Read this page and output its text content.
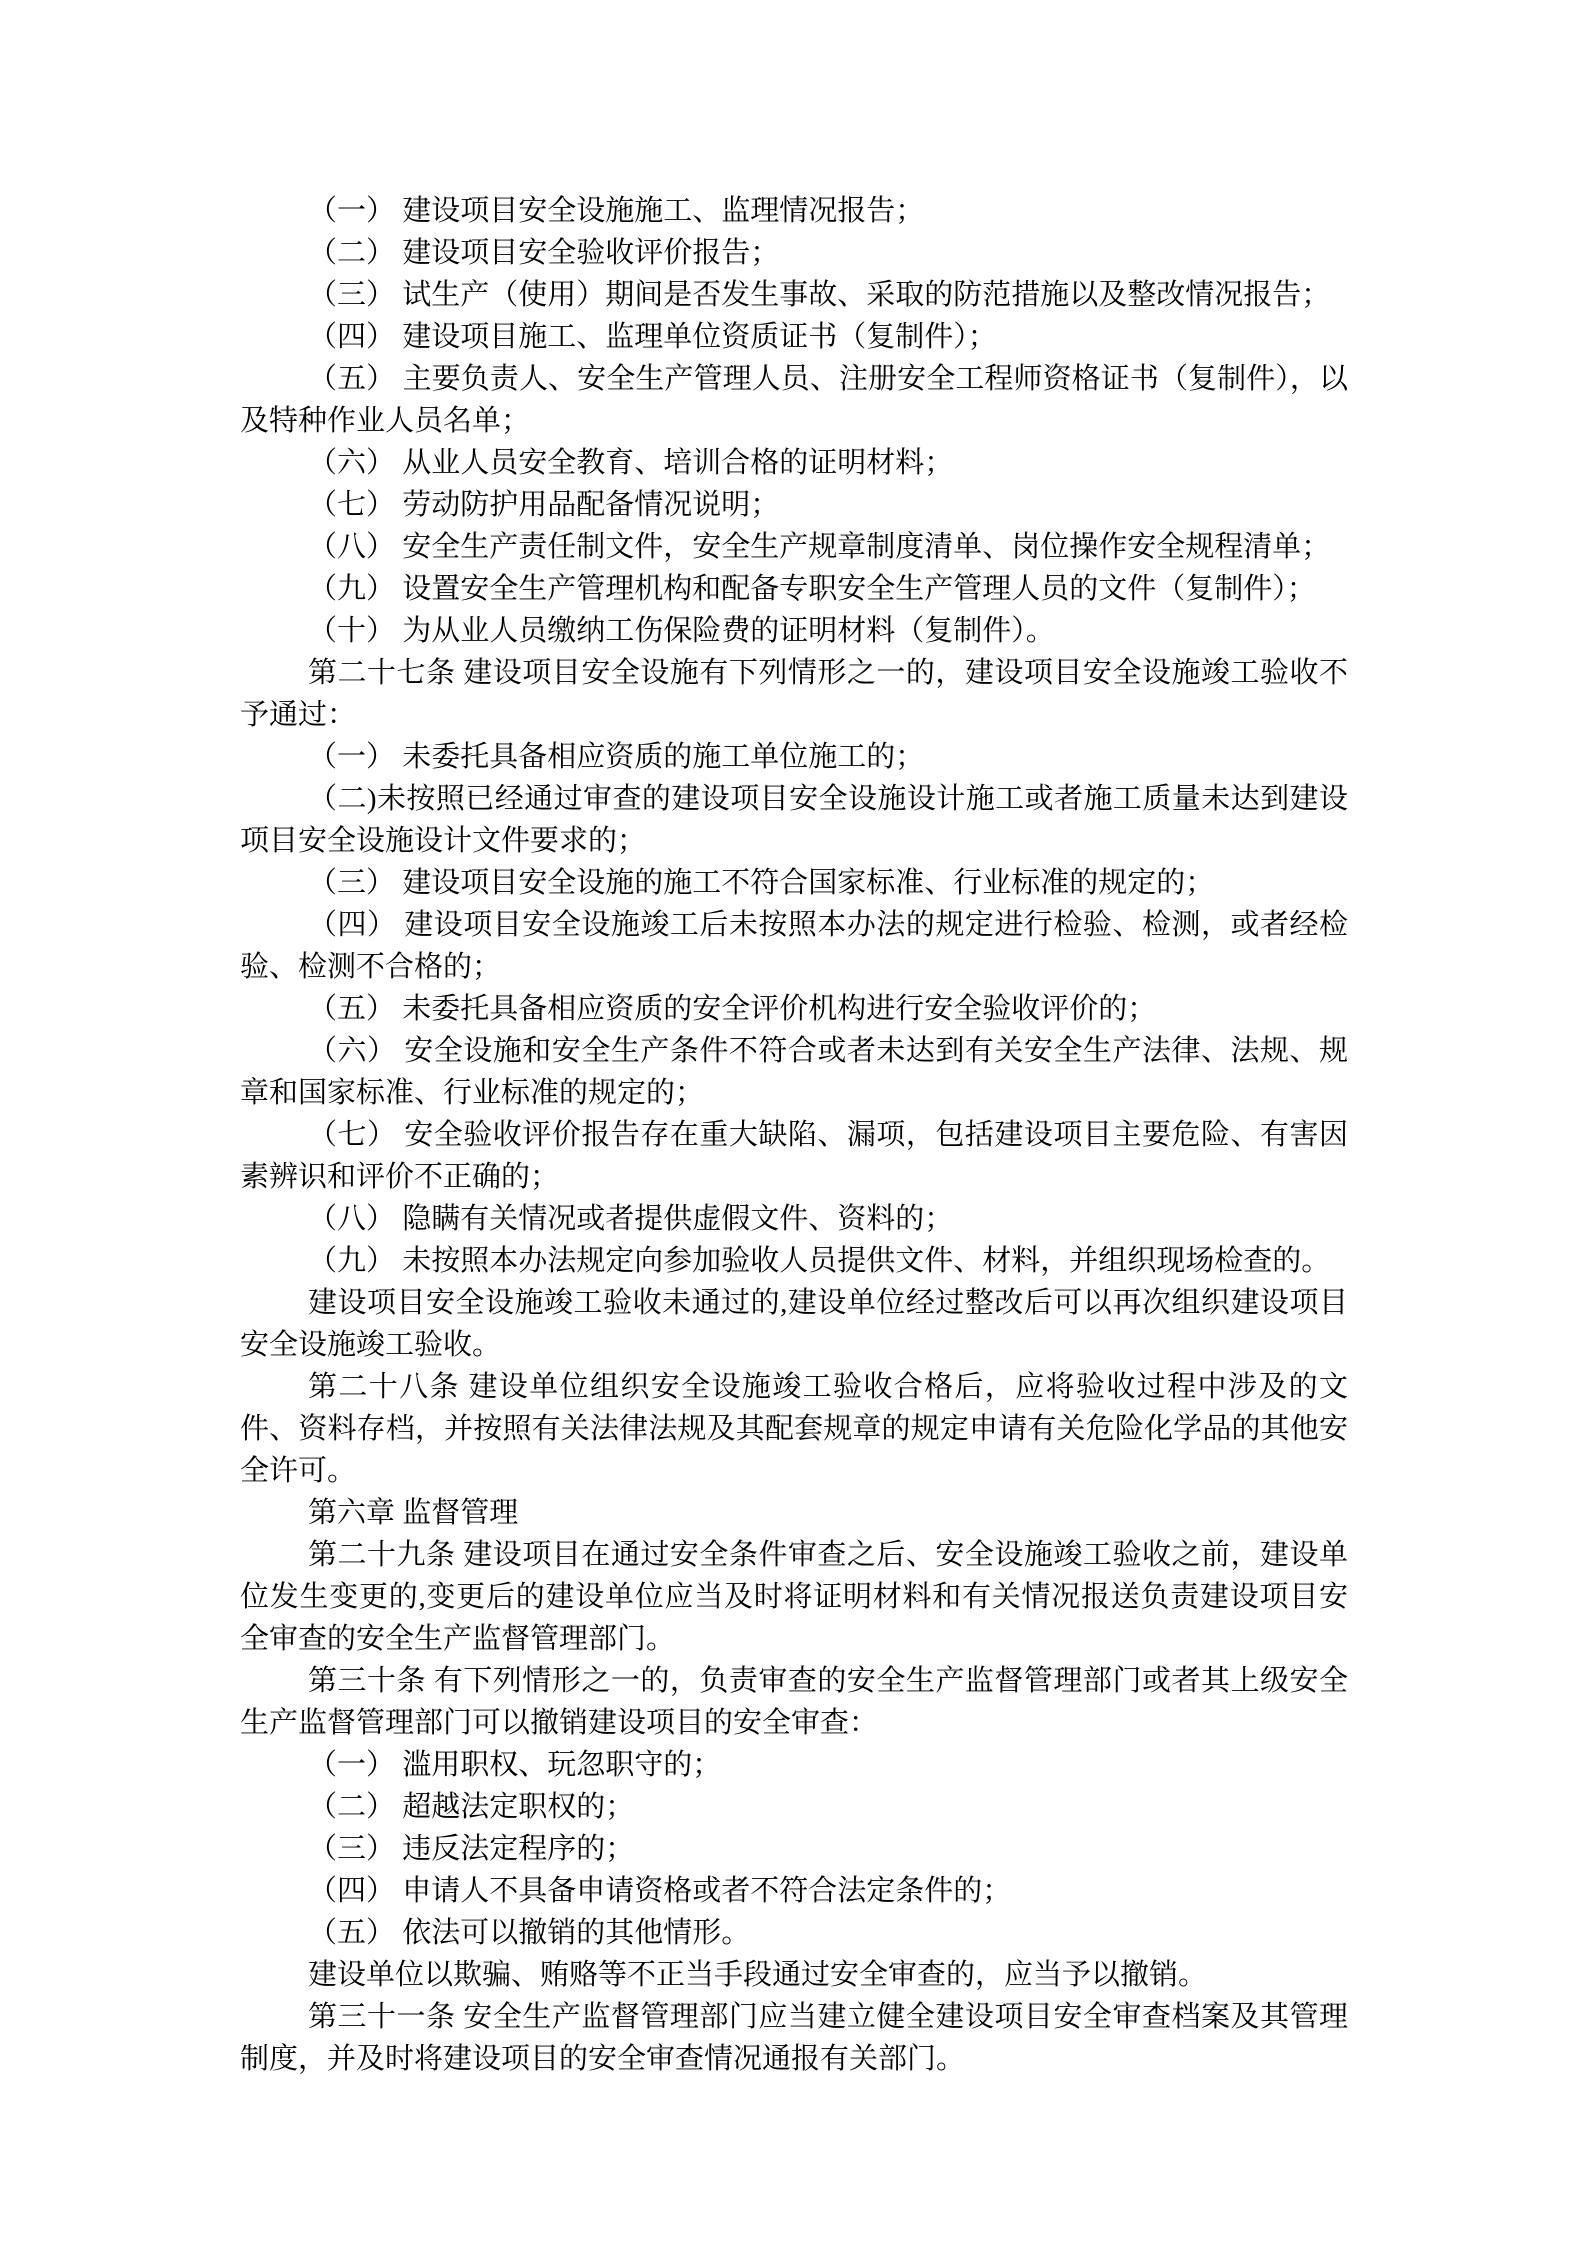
（一） 建设项目安全设施施工、监理情况报告；

（二） 建设项目安全验收评价报告；

（三） 试生产（使用）期间是否发生事故、采取的防范措施以及整改情况报告；

（四） 建设项目施工、监理单位资质证书（复制件）；

（五） 主要负责人、安全生产管理人员、注册安全工程师资格证书（复制件），以及特种作业人员名单；

（六） 从业人员安全教育、培训合格的证明材料；

（七） 劳动防护用品配备情况说明；

（八） 安全生产责任制文件，安全生产规章制度清单、岗位操作安全规程清单；

（九） 设置安全生产管理机构和配备专职安全生产管理人员的文件（复制件）；

（十） 为从业人员缴纳工伤保险费的证明材料（复制件）。

第二十七条 建设项目安全设施有下列情形之一的，建设项目安全设施竣工验收不予通过：

（一） 未委托具备相应资质的施工单位施工的；

（二)未按照已经通过审查的建设项目安全设施设计施工或者施工质量未达到建设项目安全设施设计文件要求的；

（三） 建设项目安全设施的施工不符合国家标准、行业标准的规定的；

（四） 建设项目安全设施竣工后未按照本办法的规定进行检验、检测，或者经检验、检测不合格的；

（五） 未委托具备相应资质的安全评价机构进行安全验收评价的；

（六） 安全设施和安全生产条件不符合或者未达到有关安全生产法律、法规、规章和国家标准、行业标准的规定的；

（七） 安全验收评价报告存在重大缺陷、漏项，包括建设项目主要危险、有害因素辨识和评价不正确的；

（八） 隐瞒有关情况或者提供虚假文件、资料的；

（九） 未按照本办法规定向参加验收人员提供文件、材料，并组织现场检查的。

建设项目安全设施竣工验收未通过的,建设单位经过整改后可以再次组织建设项目安全设施竣工验收。

第二十八条 建设单位组织安全设施竣工验收合格后，应将验收过程中涉及的文件、资料存档，并按照有关法律法规及其配套规章的规定申请有关危险化学品的其他安全许可。

第六章 监督管理

第二十九条 建设项目在通过安全条件审查之后、安全设施竣工验收之前，建设单位发生变更的,变更后的建设单位应当及时将证明材料和有关情况报送负责建设项目安全审查的安全生产监督管理部门。

第三十条 有下列情形之一的，负责审查的安全生产监督管理部门或者其上级安全生产监督管理部门可以撤销建设项目的安全审查：

（一） 滥用职权、玩忽职守的；

（二） 超越法定职权的；

（三） 违反法定程序的；

（四） 申请人不具备申请资格或者不符合法定条件的；

（五） 依法可以撤销的其他情形。

建设单位以欺骗、贿赂等不正当手段通过安全审查的，应当予以撤销。

第三十一条 安全生产监督管理部门应当建立健全建设项目安全审查档案及其管理制度，并及时将建设项目的安全审查情况通报有关部门。
